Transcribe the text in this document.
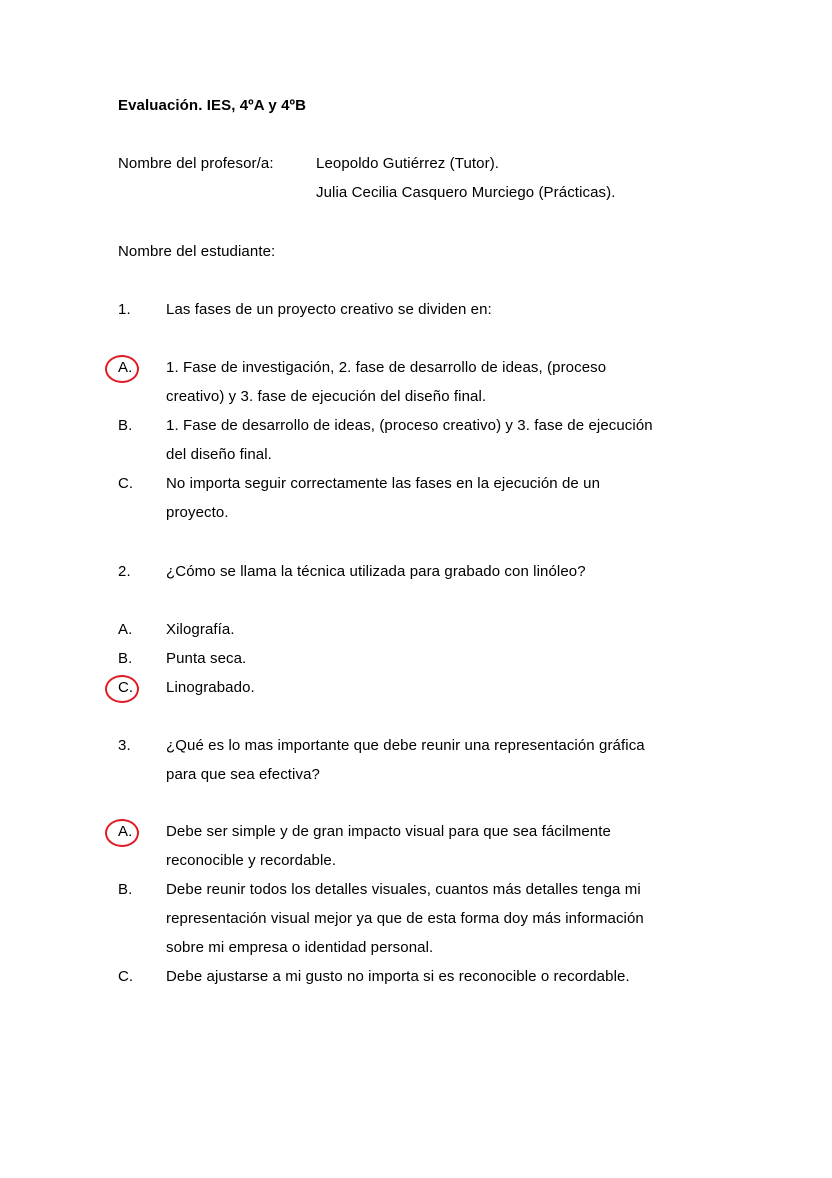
Evaluación. IES, 4ºA y 4ºB
Nombre del profesor/a:	Leopoldo Gutiérrez (Tutor).
Julia Cecilia Casquero Murciego (Prácticas).
Nombre del estudiante:
1. Las fases de un proyecto creativo se dividen en:
A. 1. Fase de investigación, 2. fase de desarrollo de ideas, (proceso
creativo) y 3. fase de ejecución del diseño final.
B. 1. Fase de desarrollo de ideas, (proceso creativo) y 3. fase de ejecución
del diseño final.
C. No importa seguir correctamente las fases en la ejecución de un
proyecto.
2. ¿Cómo se llama la técnica utilizada para grabado con linóleo?
A. Xilografía.
B. Punta seca.
C. Linograbado.
3. ¿Qué es lo mas importante que debe reunir una representación gráfica
para que sea efectiva?
A. Debe ser simple y de gran impacto visual para que sea fácilmente
reconocible y recordable.
B. Debe reunir todos los detalles visuales, cuantos más detalles tenga mi
representación visual mejor ya que de esta forma doy más información
sobre mi empresa o identidad personal.
C. Debe ajustarse a mi gusto no importa si es reconocible o recordable.
